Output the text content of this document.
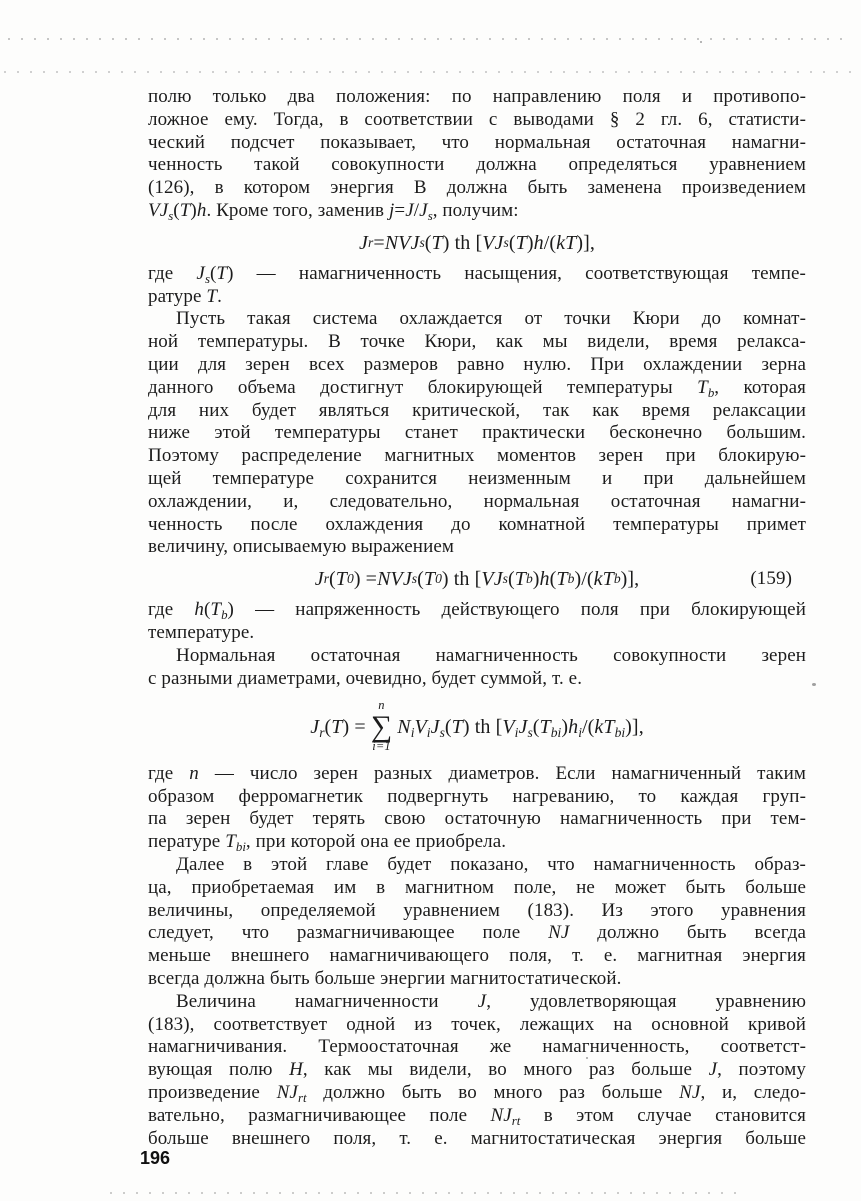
полю только два положения: по направлению поля и противопо-
ложное ему. Тогда, в соответствии с выводами § 2 гл. 6, статисти-
ческий подсчет показывает, что нормальная остаточная намагни-
ченность такой совокупности должна определяться уравнением
(126), в котором энергия В должна быть заменена произведением
$VJ_s(T)h$. Кроме того, заменив $j=J/J_s$, получим:
J r = NVJ s ( T ) th [ VJ s ( T ) h /( kT )],
где $J_s(T)$ — намагниченность насыщения, соответствующая темпе-
ратуре T.
Пусть такая система охлаждается от точки Кюри до комнат-
ной температуры. В точке Кюри, как мы видели, время релакса-
ции для зерен всех размеров равно нулю. При охлаждении зерна
данного объема достигнут блокирующей температуры $T_b$, которая
для них будет являться критической, так как время релаксации
ниже этой температуры станет практически бесконечно большим.
Поэтому распределение магнитных моментов зерен при блокирую-
щей температуре сохранится неизменным и при дальнейшем
охлаждении, и, следовательно, нормальная остаточная намагни-
ченность после охлаждения до комнатной температуры примет
величину, описываемую выражением
J r ( T 0 ) = NVJ s ( T 0 ) th [ VJ s ( T b ) h ( T b )/( kT b )],	(159)
где $h(T_b)$ — напряженность действующего поля при блокирующей
температуре.
Нормальная остаточная намагниченность совокупности зерен
с разными диаметрами, очевидно, будет суммой, т. е.
$J_r(T)$ =
n
∑
i=1
$N_iV_iJ_s(T)$ th $[V_iJ_s(T_{bi})h_i/(kT_{bi})]$,
где n — число зерен разных диаметров. Если намагниченный таким
образом ферромагнетик подвергнуть нагреванию, то каждая груп-
па зерен будет терять свою остаточную намагниченность при тем-
пературе $T_{bi}$, при которой она ее приобрела.
Далее в этой главе будет показано, что намагниченность образ-
ца, приобретаемая им в магнитном поле, не может быть больше
величины, определяемой уравнением (183). Из этого уравнения
следует, что размагничивающее поле NJ должно быть всегда
меньше внешнего намагничивающего поля, т. е. магнитная энергия
всегда должна быть больше энергии магнитостатической.
Величина намагниченности J, удовлетворяющая уравнению
(183), соответствует одной из точек, лежащих на основной кривой
намагничивания. Термоостаточная же намагниченность, соответст-
вующая полю H, как мы видели, во много раз больше J, поэтому
произведение $NJ_{rt}$ должно быть во много раз больше NJ, и, следо-
вательно, размагничивающее поле $NJ_{rt}$ в этом случае становится
больше внешнего поля, т. е. магнитостатическая энергия больше
196
